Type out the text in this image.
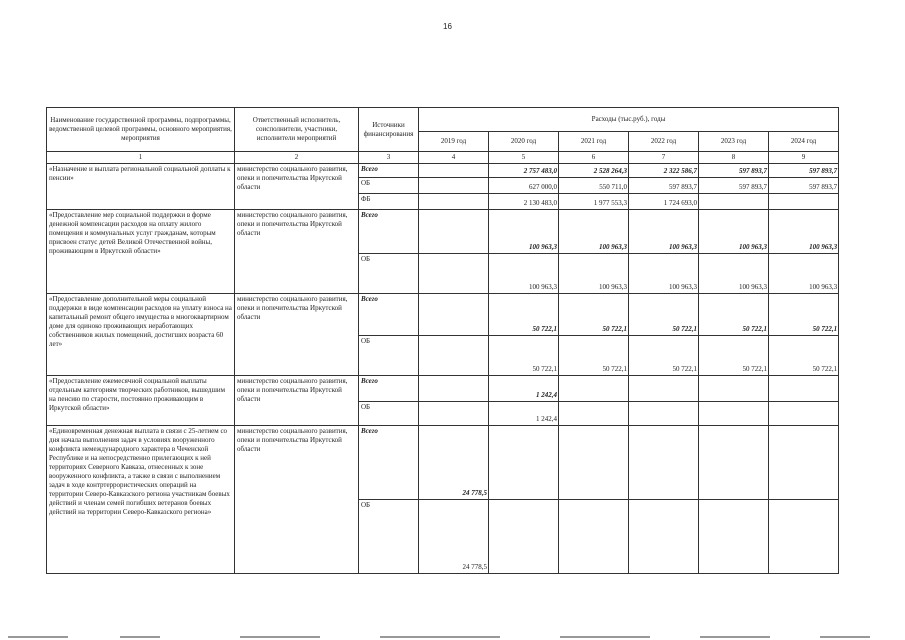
16
Наименование государственной программы, подпрограммы, ведомственной целевой программы, основного мероприятия, мероприятия	Ответственный исполнитель, соисполнители, участники, исполнители мероприятий	Источники финансирования	Расходы (тыс.руб.), годы					
			2019 год	2020 год	2021 год	2022 год	2023 год	2024 год
1	2	3	4	5	6	7	8	9
«Назначение и выплата региональной социальной доплаты к пенсии»	министерство социального развития, опеки и попечительства Иркутской области	Всего		2 757 483,0	2 528 264,3	2 322 586,7	597 893,7	597 893,7
		ОБ		627 000,0	550 711,0	597 893,7	597 893,7	597 893,7
		ФБ		2 130 483,0	1 977 553,3	1 724 693,0		
«Предоставление мер социальной поддержки в форме денежной компенсации расходов на оплату жилого помещения и коммунальных услуг гражданам, которым присвоен статус детей Великой Отечественной войны, проживающим в Иркутской области»	министерство социального развития, опеки и попечительства Иркутской области	Всего		100 963,3	100 963,3	100 963,3	100 963,3	100 963,3
		ОБ		100 963,3	100 963,3	100 963,3	100 963,3	100 963,3
«Предоставление дополнительной меры социальной поддержки в виде компенсации расходов на уплату взноса на капитальный ремонт общего имущества в многоквартирном доме для одиноко проживающих неработающих собственников жилых помещений, достигших возраста 60 лет»	министерство социального развития, опеки и попечительства Иркутской области	Всего		50 722,1	50 722,1	50 722,1	50 722,1	50 722,1
		ОБ		50 722,1	50 722,1	50 722,1	50 722,1	50 722,1
«Предоставление ежемесячной социальной выплаты отдельным категориям творческих работников, вышедшим на пенсию по старости, постоянно проживающим в Иркутской области»	министерство социального развития, опеки и попечительства Иркутской области	Всего		1 242,4				
		ОБ		1 242,4				
«Единовременная денежная выплата в связи с 25-летием со дня начала выполнения задач в условиях вооруженного конфликта немеждународного характера в Чеченской Республике и на непосредственно прилегающих к ней территориях Северного Кавказа, отнесенных к зоне вооруженного конфликта, а также в связи с выполнением задач в ходе контртеррористических операций на территории Северо-Кавказского региона участникам боевых действий и членам семей погибших ветеранов боевых действий на территории Северо-Кавказского региона»	министерство социального развития, опеки и попечительства Иркутской области	Всего	24 778,5					
		ОБ	24 778,5					
